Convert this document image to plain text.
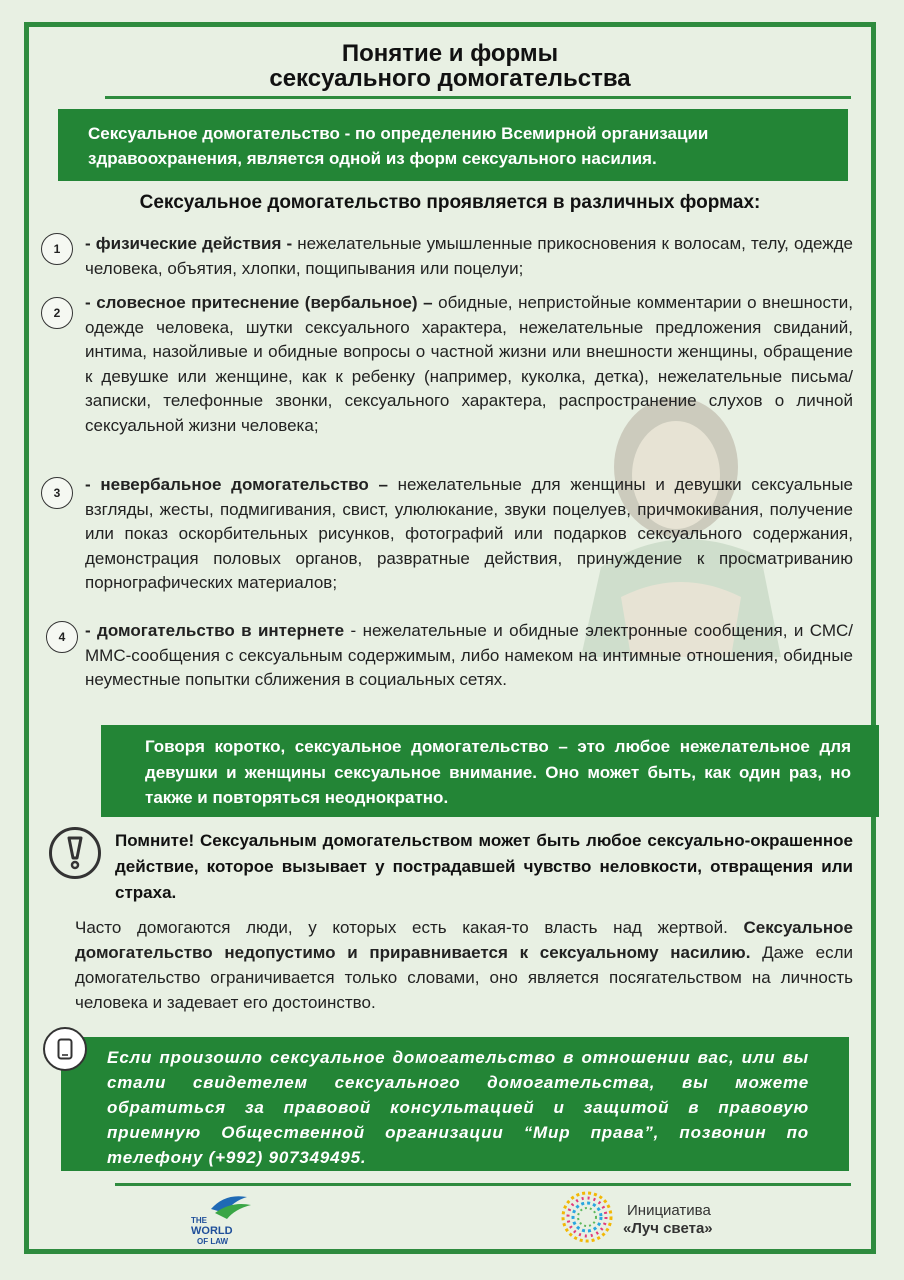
Понятие и формы
сексуального домогательства
Сексуальное домогательство - по определению Всемирной организации здравоохранения, является одной из форм сексуального насилия.
Сексуальное домогательство проявляется в различных формах:
1 - физические действия - нежелательные умышленные прикосновения к волосам, телу, одежде человека, объятия, хлопки, пощипывания или поцелуи;
2
- словесное притеснение (вербальное) – обидные, непристойные комментарии о внешности, одежде человека, шутки сексуального характера, нежелательные предложения свиданий, интима, назойливые и обидные вопросы о частной жизни или внешности женщины, обращение к девушке или женщине, как к ребенку (например, куколка, детка), нежелательные письма/записки, телефонные звонки, сексуального характера, распространение слухов о личной сексуальной жизни человека;
3 - невербальное домогательство – нежелательные для женщины и девушки сексуальные взгляды, жесты, подмигивания, свист, улюлюкание, звуки поцелуев, причмокивания, получение или показ оскорбительных рисунков, фотографий или подарков сексуального содержания, демонстрация половых органов, развратные действия, принуждение к просматриванию порнографических материалов;
4 - домогательство в интернете - нежелательные и обидные электронные сообщения, и СМС/ММС-сообщения с сексуальным содержимым, либо намеком на интимные отношения, обидные неуместные попытки сближения в социальных сетях.
Говоря коротко, сексуальное домогательство – это любое нежелательное для девушки и женщины сексуальное внимание. Оно может быть, как один раз, но также и повторяться неоднократно.
Помните! Сексуальным домогательством может быть любое сексуально-окрашенное действие, которое вызывает у пострадавшей чувство неловкости, отвращения или страха.
Часто домогаются люди, у которых есть какая-то власть над жертвой. Сексуальное домогательство недопустимо и приравнивается к сексуальному насилию. Даже если домогательство ограничивается только словами, оно является посягательством на личность человека и задевает его достоинство.
Если произошло сексуальное домогательство в отношении вас, или вы стали свидетелем сексуального домогательства, вы можете обратиться за правовой консультацией и защитой в правовую приемную Общественной организации “Мир права”, позвонин по телефону (+992) 907349495.
THE
WORLD
OF LAW
Инициатива
«Луч света»
